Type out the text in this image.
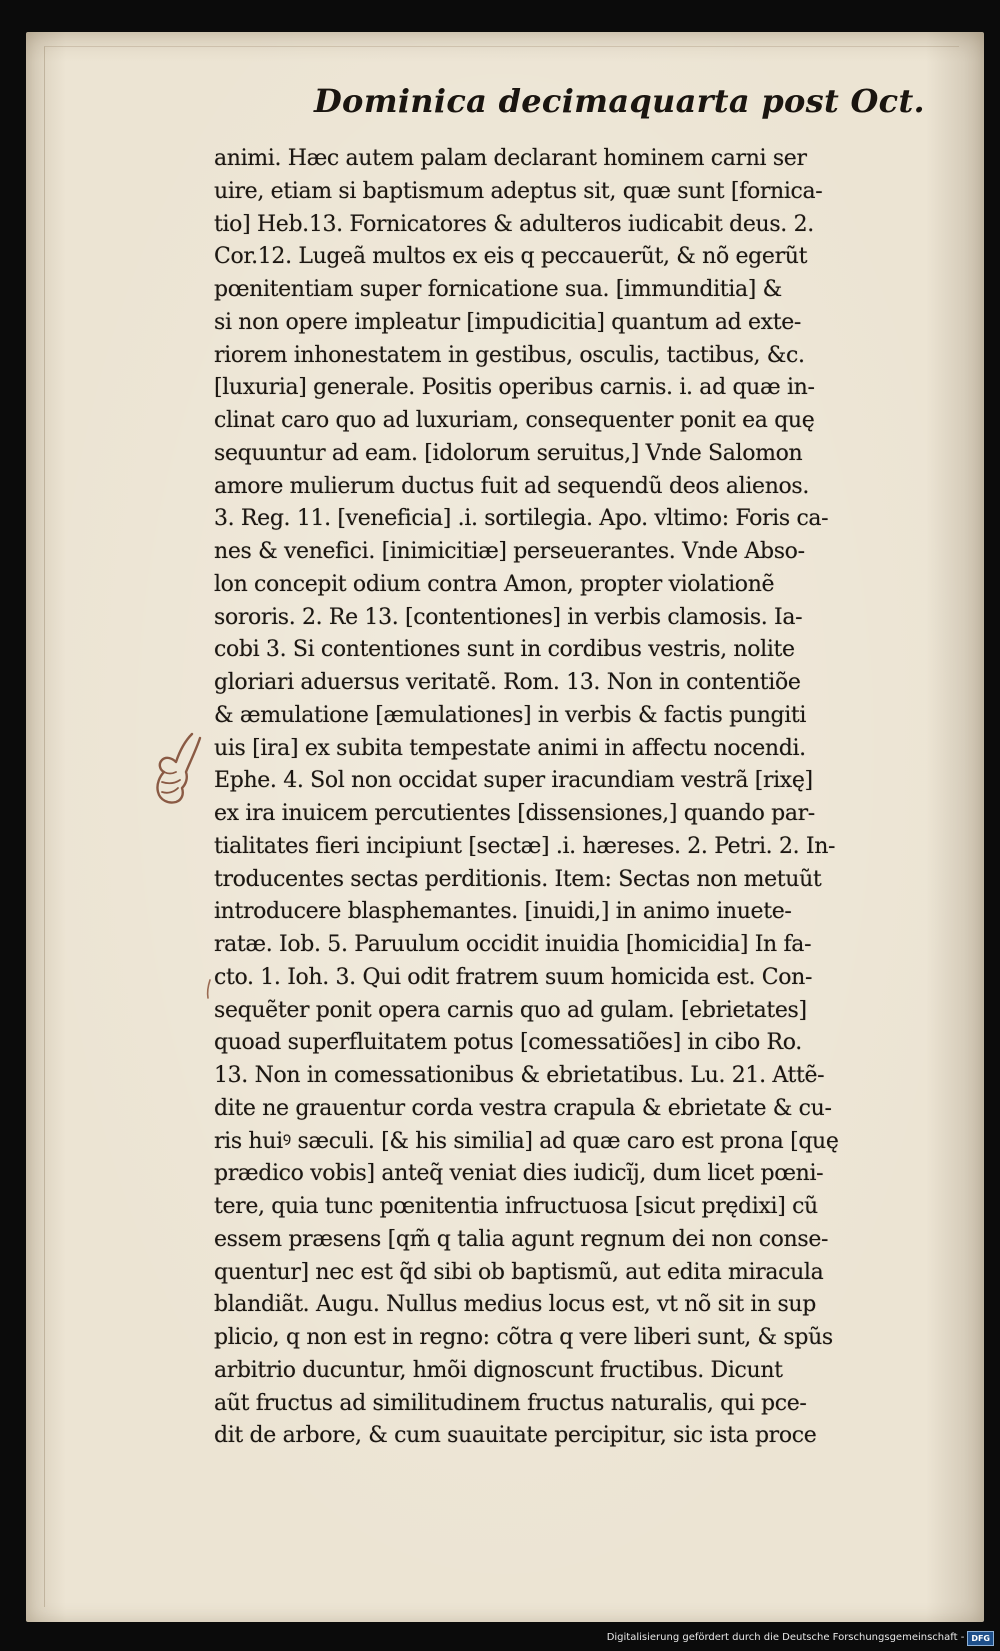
Dominica decimaquarta post Oct.
animi. Hæc autem palam declarant hominem carni ser
uire, etiam si baptismum adeptus sit, quæ sunt [fornica-
tio] Heb.13. Fornicatores & adulteros iudicabit deus. 2.
Cor.12. Lugeã multos ex eis q peccauerũt, & nõ egerũt
pœnitentiam super fornicatione sua. [immunditia] &
si non opere impleatur [impudicitia] quantum ad exte-
riorem inhonestatem in gestibus, osculis, tactibus, &c.
[luxuria] generale. Positis operibus carnis. i. ad quæ in-
clinat caro quo ad luxuriam, consequenter ponit ea quę
sequuntur ad eam. [idolorum seruitus,] Vnde Salomon
amore mulierum ductus fuit ad sequendũ deos alienos.
3. Reg. 11. [veneficia] .i. sortilegia. Apo. vltimo: Foris ca-
nes & venefici. [inimicitiæ] perseuerantes. Vnde Abso-
lon concepit odium contra Amon, propter violationẽ
sororis. 2. Re 13. [contentiones] in verbis clamosis. Ia-
cobi 3. Si contentiones sunt in cordibus vestris, nolite
gloriari aduersus veritatẽ. Rom. 13. Non in contentiõe
& æmulatione [æmulationes] in verbis & factis pungiti
uis [ira] ex subita tempestate animi in affectu nocendi.
Ephe. 4. Sol non occidat super iracundiam vestrã [rixę]
ex ira inuicem percutientes [dissensiones,] quando par-
tialitates fieri incipiunt [sectæ] .i. hæreses. 2. Petri. 2. In-
troducentes sectas perditionis. Item: Sectas non metuũt
introducere blasphemantes. [inuidi,] in animo inuete-
ratæ. Iob. 5. Paruulum occidit inuidia [homicidia] In fa-
cto. 1. Ioh. 3. Qui odit fratrem suum homicida est. Con-
sequẽter ponit opera carnis quo ad gulam. [ebrietates]
quoad superfluitatem potus [comessatiões] in cibo Ro.
13. Non in comessationibus & ebrietatibus. Lu. 21. Attẽ-
dite ne grauentur corda vestra crapula & ebrietate & cu-
ris huiꝰ sæculi. [& his similia] ad quæ caro est prona [quę
prædico vobis] anteq̃ veniat dies iudicĩj, dum licet pœni-
tere, quia tunc pœnitentia infructuosa [sicut prędixi] cũ
essem præsens [qm̃ q talia agunt regnum dei non conse-
quentur] nec est q̃d sibi ob baptismũ, aut edita miracula
blandiãt. Augu. Nullus medius locus est, vt nõ sit in sup
plicio, q non est in regno: cõtra q vere liberi sunt, & spũs
arbitrio ducuntur, hmõi dignoscunt fructibus. Dicunt
aũt fructus ad similitudinem fructus naturalis, qui pce-
dit de arbore, & cum suauitate percipitur, sic ista proce
Digitalisierung gefördert durch die Deutsche Forschungsgemeinschaft - DFG
